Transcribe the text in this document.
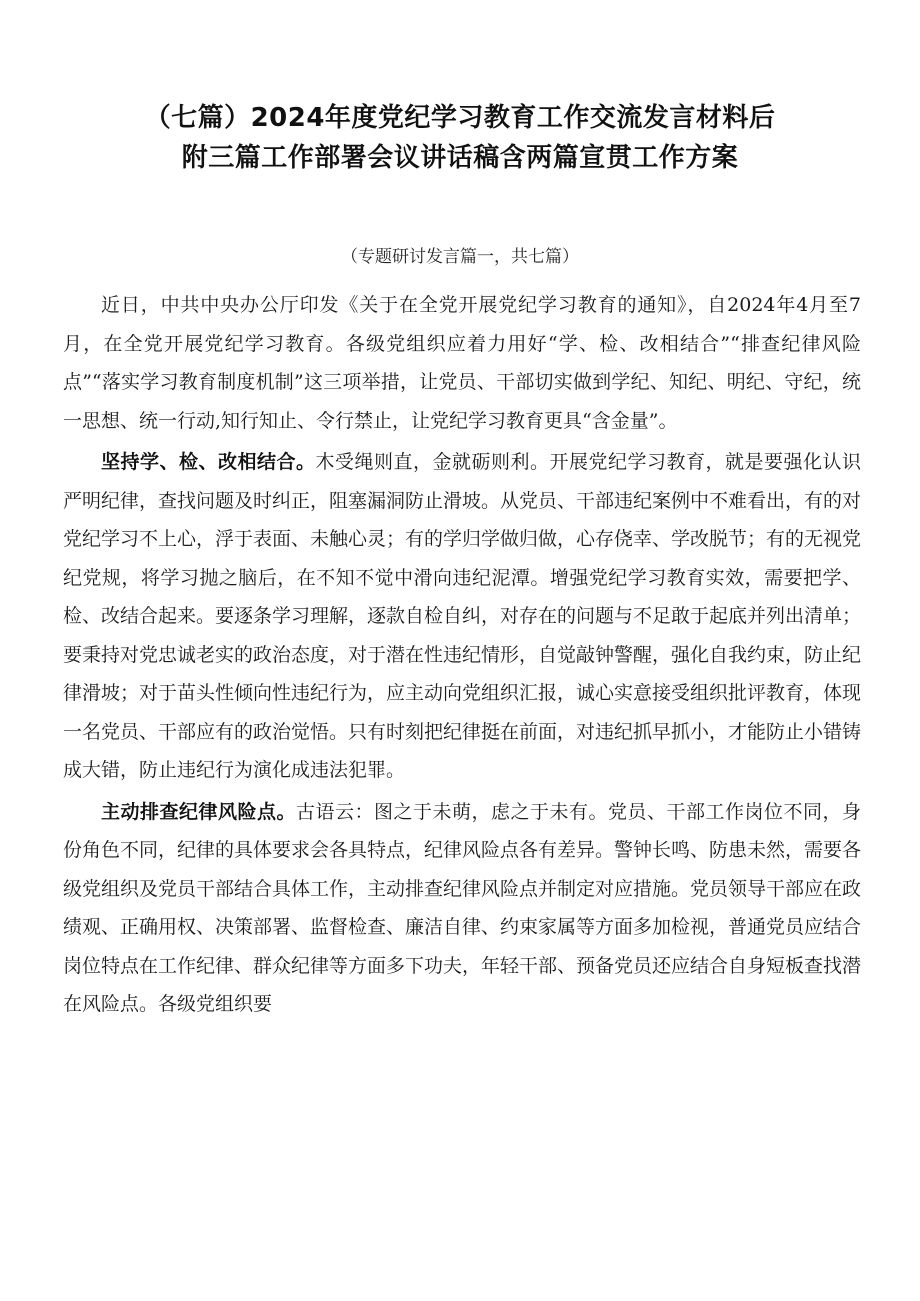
（七篇）2024年度党纪学习教育工作交流发言材料后
附三篇工作部署会议讲话稿含两篇宣贯工作方案
（专题研讨发言篇一，共七篇）

近日，中共中央办公厅印发《关于在全党开展党纪学习教育的通知》，自2024年4月至7月，在全党开展党纪学习教育。各级党组织应着力用好“学、检、改相结合”“排查纪律风险点”“落实学习教育制度机制”这三项举措，让党员、干部切实做到学纪、知纪、明纪、守纪，统一思想、统一行动,知行知止、令行禁止，让党纪学习教育更具“含金量”。

坚持学、检、改相结合。木受绳则直，金就砺则利。开展党纪学习教育，就是要强化认识严明纪律，查找问题及时纠正，阻塞漏洞防止滑坡。从党员、干部违纪案例中不难看出，有的对党纪学习不上心，浮于表面、未触心灵；有的学归学做归做，心存侥幸、学改脱节；有的无视党纪党规，将学习抛之脑后，在不知不觉中滑向违纪泥潭。增强党纪学习教育实效，需要把学、检、改结合起来。要逐条学习理解，逐款自检自纠，对存在的问题与不足敢于起底并列出清单；要秉持对党忠诚老实的政治态度，对于潜在性违纪情形，自觉敲钟警醒，强化自我约束，防止纪律滑坡；对于苗头性倾向性违纪行为，应主动向党组织汇报，诚心实意接受组织批评教育，体现一名党员、干部应有的政治觉悟。只有时刻把纪律挺在前面，对违纪抓早抓小，才能防止小错铸成大错，防止违纪行为演化成违法犯罪。

主动排查纪律风险点。古语云：图之于未萌，虑之于未有。党员、干部工作岗位不同，身份角色不同，纪律的具体要求会各具特点，纪律风险点各有差异。警钟长鸣、防患未然，需要各级党组织及党员干部结合具体工作，主动排查纪律风险点并制定对应措施。党员领导干部应在政绩观、正确用权、决策部署、监督检查、廉洁自律、约束家属等方面多加检视，普通党员应结合岗位特点在工作纪律、群众纪律等方面多下功夫，年轻干部、预备党员还应结合自身短板查找潜在风险点。各级党组织要
